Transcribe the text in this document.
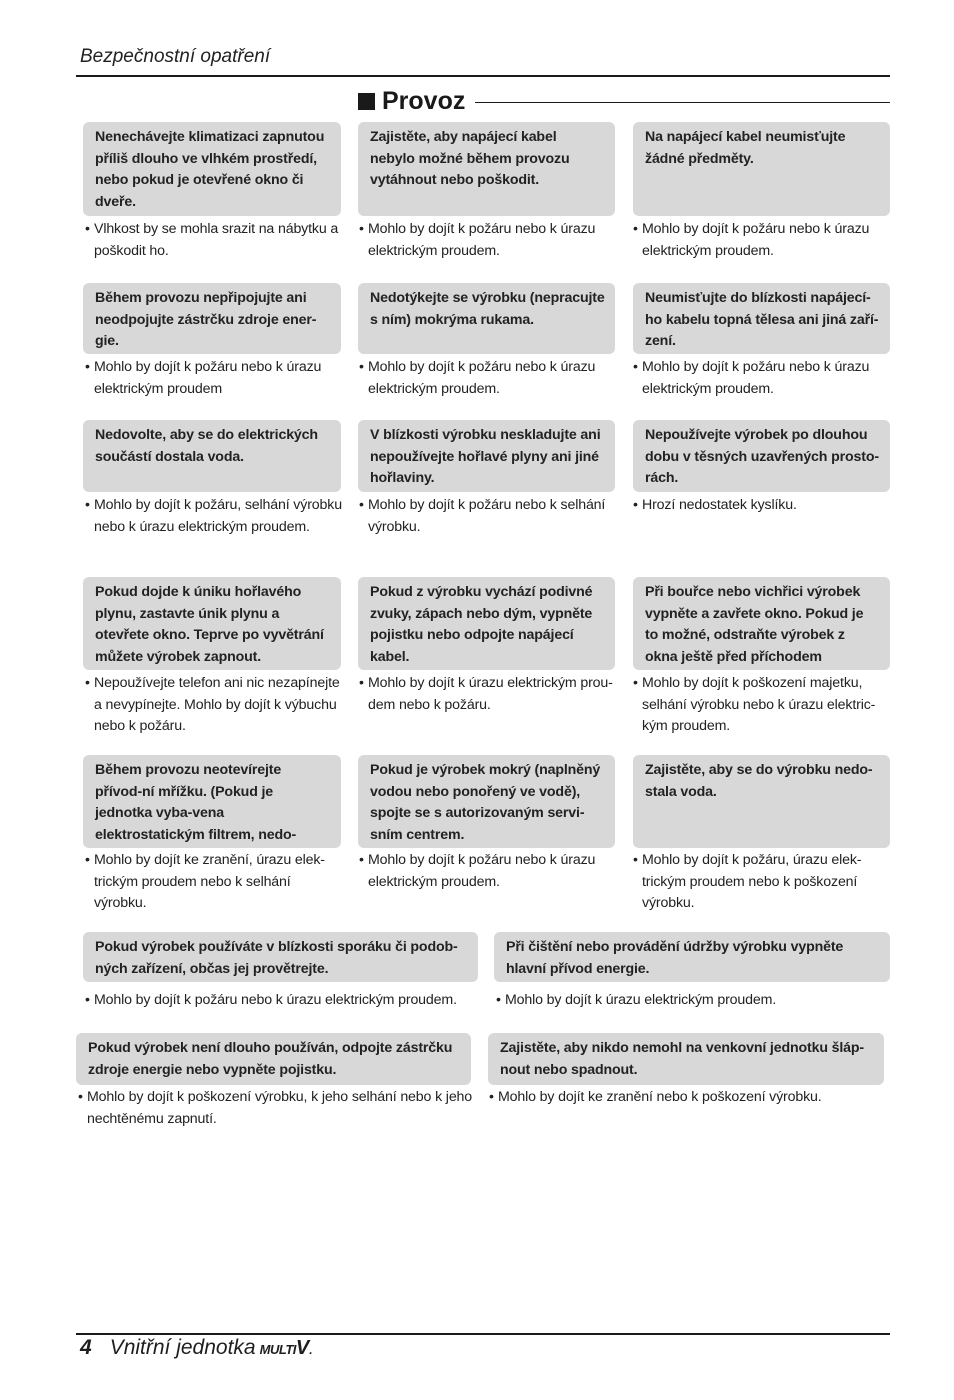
Bezpečnostní opatření
Provoz
Nenechávejte klimatizaci zapnutou příliš dlouho ve vlhkém prostředí, nebo pokud je otevřené okno či dveře.
• Vlhkost by se mohla srazit na nábytku a poškodit ho.
Zajistěte, aby napájecí kabel nebylo možné během provozu vytáhnout nebo poškodit.
• Mohlo by dojít k požáru nebo k úrazu elektrickým proudem.
Na napájecí kabel neumisťujte žádné předměty.
• Mohlo by dojít k požáru nebo k úrazu elektrickým proudem.
Během provozu nepřipojujte ani neodpojujte zástrčku zdroje ener-gie.
• Mohlo by dojít k požáru nebo k úrazu elektrickým proudem
Nedotýkejte se výrobku (nepracujte s ním) mokrýma rukama.
• Mohlo by dojít k požáru nebo k úrazu elektrickým proudem.
Neumisťujte do blízkosti napájecí-ho kabelu topná tělesa ani jiná zaří-zení.
• Mohlo by dojít k požáru nebo k úrazu elektrickým proudem.
Nedovolte, aby se do elektrických součástí dostala voda.
• Mohlo by dojít k požáru, selhání výrobku nebo k úrazu elektrickým proudem.
V blízkosti výrobku neskladujte ani nepoužívejte hořlavé plyny ani jiné hořlaviny.
• Mohlo by dojít k požáru nebo k selhání výrobku.
Nepoužívejte výrobek po dlouhou dobu v těsných uzavřených prosto-rách.
• Hrozí nedostatek kyslíku.
Pokud dojde k úniku hořlavého plynu, zastavte únik plynu a otevřete okno. Teprve po vyvětrání můžete výrobek zapnout.
• Nepoužívejte telefon ani nic nezapínejte a nevypínejte. Mohlo by dojít k výbuchu nebo k požáru.
Pokud z výrobku vychází podivné zvuky, zápach nebo dým, vypněte pojistku nebo odpojte napájecí kabel.
• Mohlo by dojít k úrazu elektrickým prou-dem nebo k požáru.
Při bouřce nebo vichřici výrobek vypněte a zavřete okno. Pokud je to možné, odstraňte výrobek z okna ještě před příchodem
• Mohlo by dojít k poškození majetku, selhání výrobku nebo k úrazu elektric-kým proudem.
Během provozu neotevírejte přívod-ní mřížku. (Pokud je jednotka vyba-vena elektrostatickým filtrem, nedo-
• Mohlo by dojít ke zranění, úrazu elek-trickým proudem nebo k selhání výrobku.
Pokud je výrobek mokrý (naplněný vodou nebo ponořený ve vodě), spojte se s autorizovaným servi-sním centrem.
• Mohlo by dojít k požáru nebo k úrazu elektrickým proudem.
Zajistěte, aby se do výrobku nedo-stala voda.
• Mohlo by dojít k požáru, úrazu elek-trickým proudem nebo k poškození výrobku.
Pokud výrobek používáte v blízkosti sporáku či podob-ných zařízení, občas jej provětrejte.
• Mohlo by dojít k požáru nebo k úrazu elektrickým proudem.
Při čištění nebo provádění údržby výrobku vypněte hlavní přívod energie.
• Mohlo by dojít k úrazu elektrickým proudem.
Pokud výrobek není dlouho používán, odpojte zástrčku zdroje energie nebo vypněte pojistku.
• Mohlo by dojít k poškození výrobku, k jeho selhání nebo k jeho nechtěnému zapnutí.
Zajistěte, aby nikdo nemohl na venkovní jednotku šláp-nout nebo spadnout.
• Mohlo by dojít ke zranění nebo k poškození výrobku.
4 Vnitřní jednotka MULTI V .
